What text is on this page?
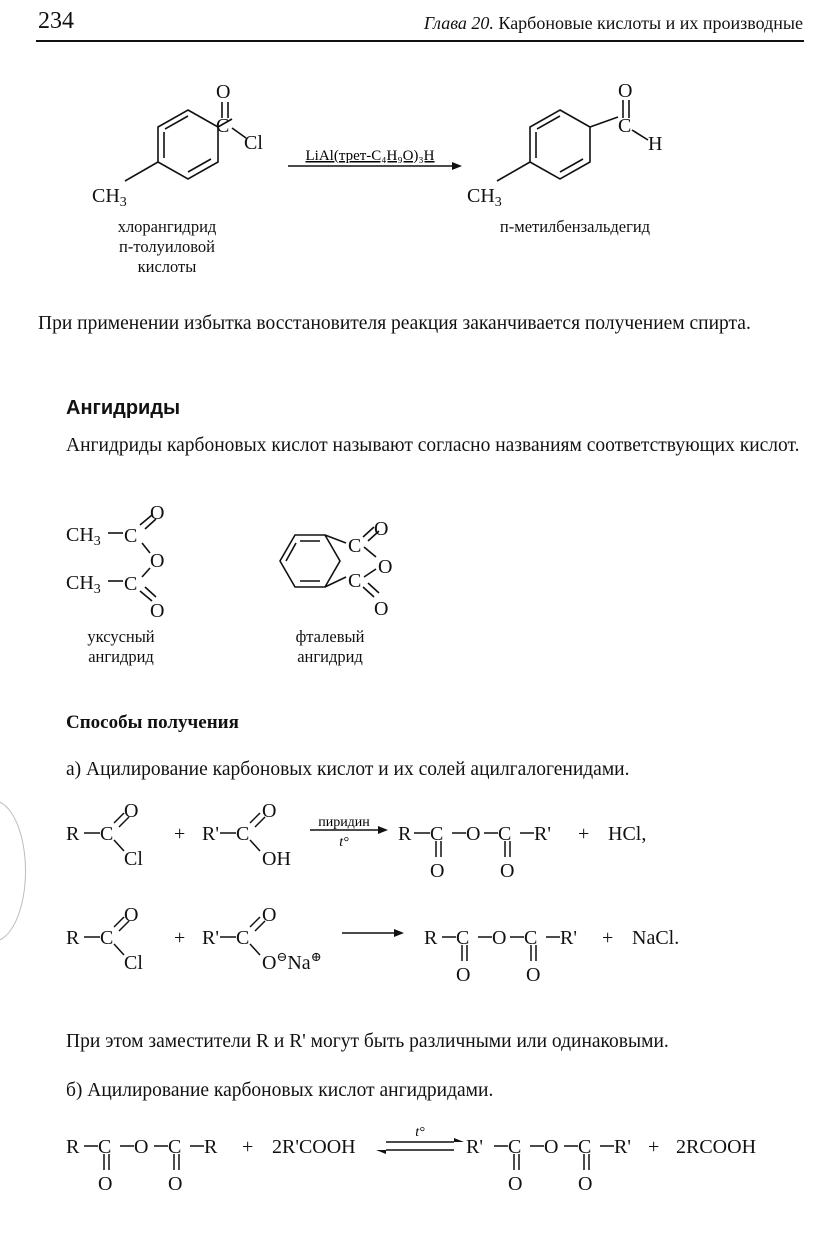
234	Глава 20. Карбоновые кислоты и их производные
O
C
Cl
$CH_3$
O
C
H
$CH_3$
LiAl(трет-C₄H₉O)₃H
хлорангидрид
п-толуиловой
кислоты
п-метилбензальдегид
При применении избытка восстановителя реакция заканчивается получением спирта.
Ангидриды
Ангидриды карбоновых кислот называют согласно названиям соответствующих кислот.
O
$CH_3$ C
O
$CH_3$ C
O
O
C
O
C
O
уксусный
ангидрид
фталевый
ангидрид
Способы получения
а) Ацилирование карбоновых кислот и их солей ацилгалогенидами.
R C
O
Cl
+ R' C
O
OH
R C O C R'
O	O
+ HCl,
пиридин
t°
R C
O
Cl
+ R' C
O
O⊖Na⊕
R C O C R'
O	O
+ NaCl.
При этом заместители R и R' могут быть различными или одинаковыми.
б) Ацилирование карбоновых кислот ангидридами.
R C O C R
O	O
+ 2R'COOH	R' C O C R'
O	O
+ 2RCOOH
t°
